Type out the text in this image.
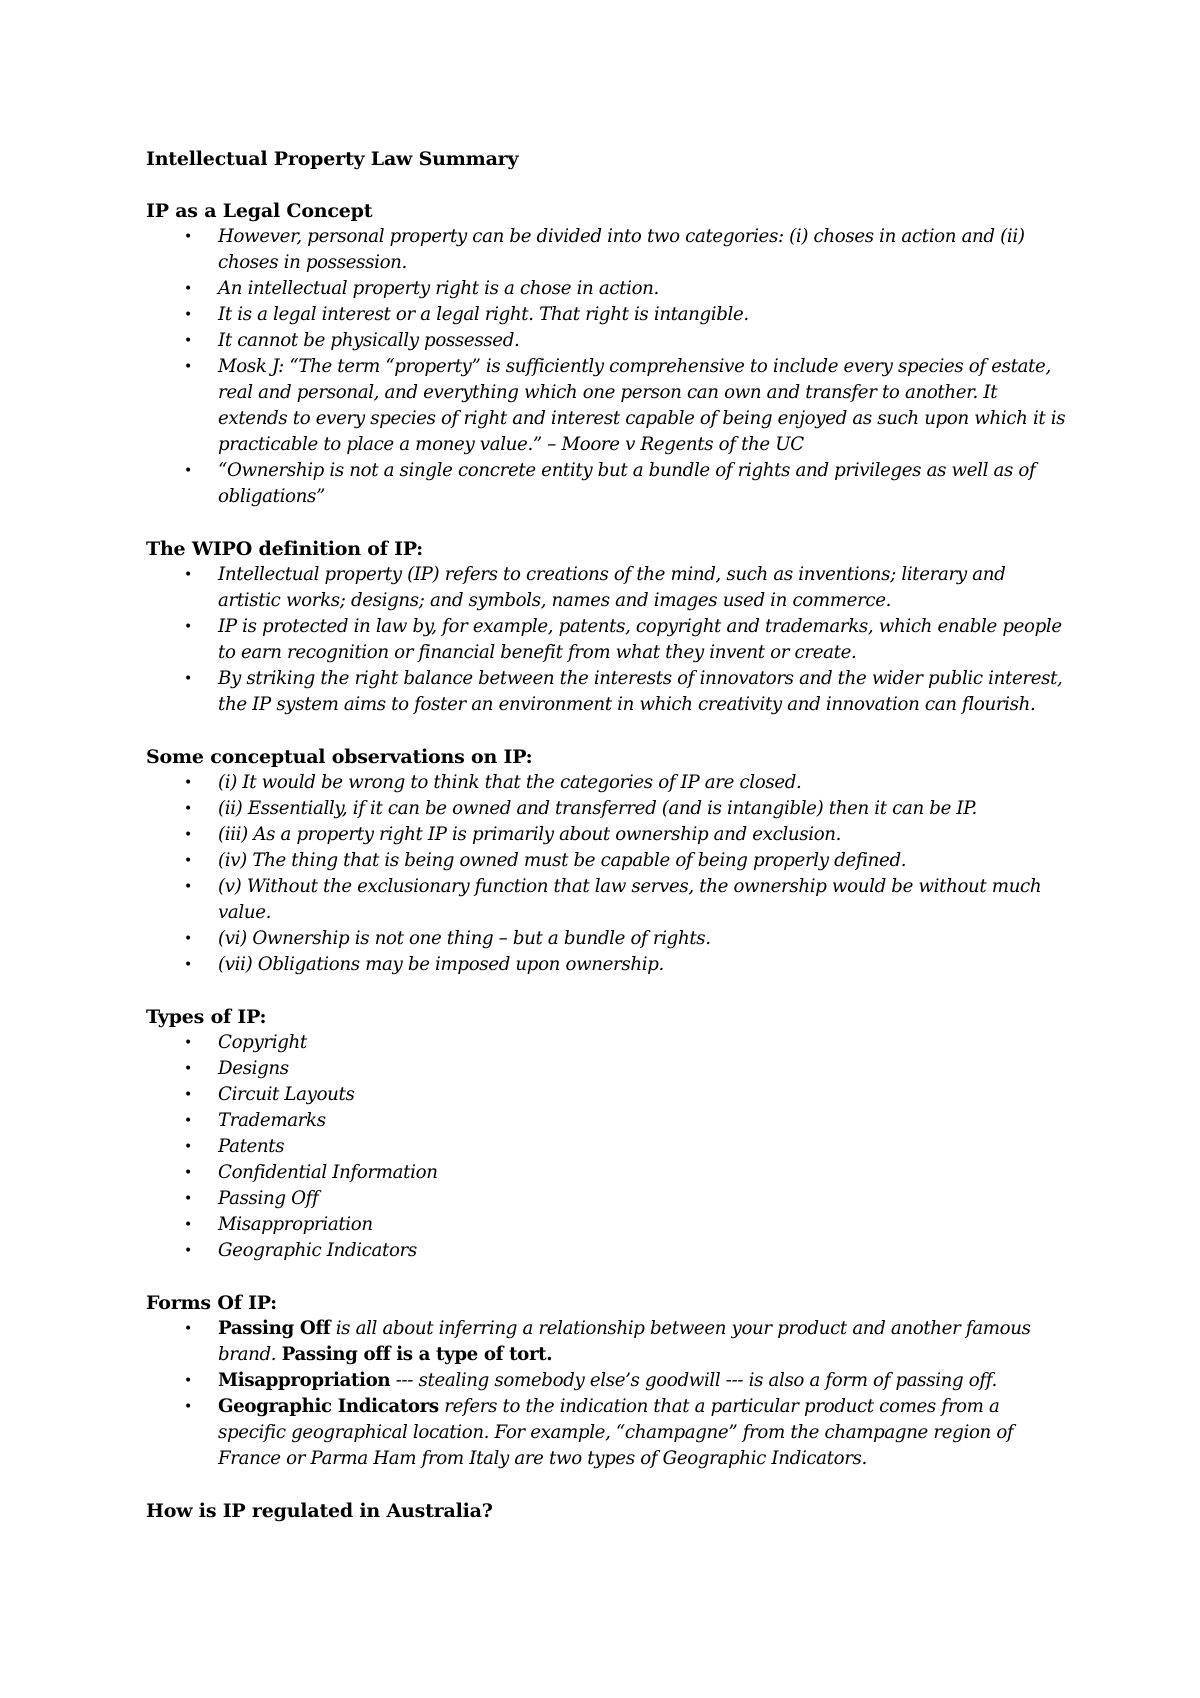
Intellectual Property Law Summary
IP as a Legal Concept
• However, personal property can be divided into two categories: (i) choses in action and (ii) choses in possession.
• An intellectual property right is a chose in action.
• It is a legal interest or a legal right. That right is intangible.
• It cannot be physically possessed.
• Mosk J: “The term “property” is sufficiently comprehensive to include every species of estate, real and personal, and everything which one person can own and transfer to another. It extends to every species of right and interest capable of being enjoyed as such upon which it is practicable to place a money value.” – Moore v Regents of the UC
• “Ownership is not a single concrete entity but a bundle of rights and privileges as well as of obligations”
The WIPO definition of IP:
• Intellectual property (IP) refers to creations of the mind, such as inventions; literary and artistic works; designs; and symbols, names and images used in commerce.
• IP is protected in law by, for example, patents, copyright and trademarks, which enable people to earn recognition or financial benefit from what they invent or create.
• By striking the right balance between the interests of innovators and the wider public interest, the IP system aims to foster an environment in which creativity and innovation can flourish.
Some conceptual observations on IP:
• (i) It would be wrong to think that the categories of IP are closed.
• (ii) Essentially, if it can be owned and transferred (and is intangible) then it can be IP.
• (iii) As a property right IP is primarily about ownership and exclusion.
• (iv) The thing that is being owned must be capable of being properly defined.
• (v) Without the exclusionary function that law serves, the ownership would be without much value.
• (vi) Ownership is not one thing – but a bundle of rights.
• (vii) Obligations may be imposed upon ownership.
Types of IP:
• Copyright
• Designs
• Circuit Layouts
• Trademarks
• Patents
• Confidential Information
• Passing Off
• Misappropriation
• Geographic Indicators
Forms Of IP:
• Passing Off is all about inferring a relationship between your product and another famous brand. Passing off is a type of tort.
• Misappropriation --- stealing somebody else’s goodwill --- is also a form of passing off.
• Geographic Indicators refers to the indication that a particular product comes from a specific geographical location. For example, “champagne” from the champagne region of France or Parma Ham from Italy are two types of Geographic Indicators.
How is IP regulated in Australia?
